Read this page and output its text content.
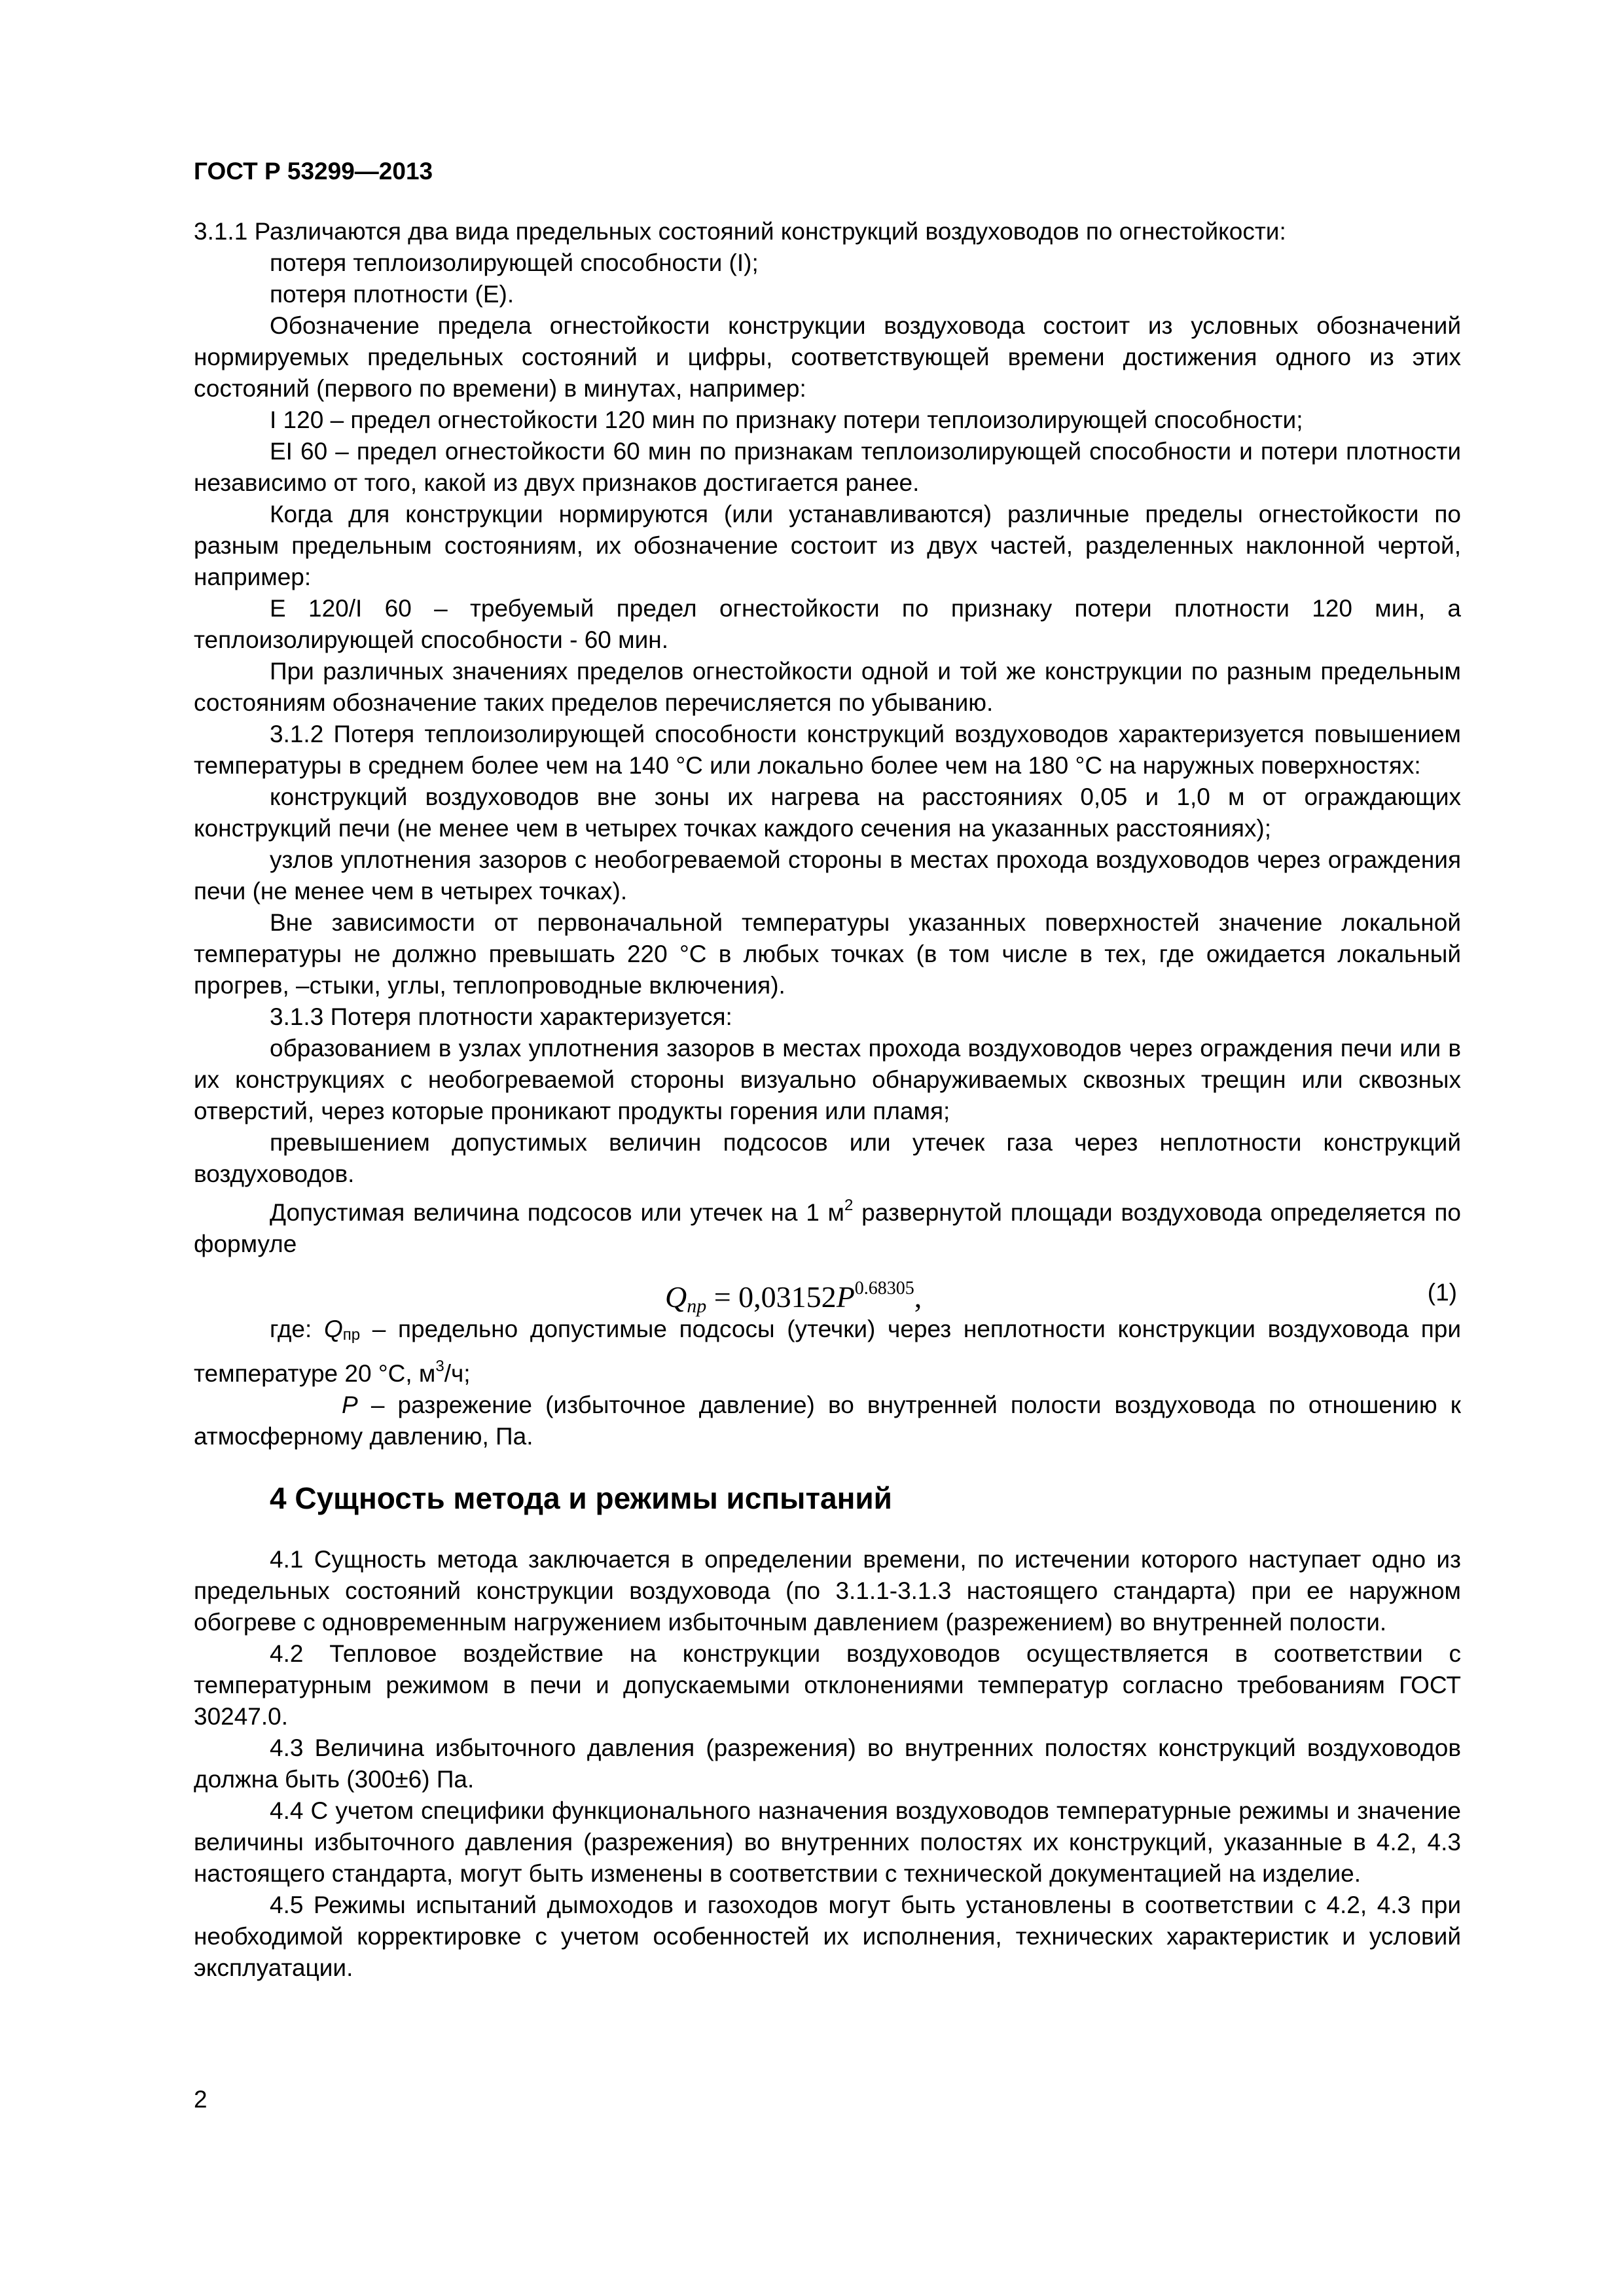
ГОСТ Р 53299—2013

3.1.1 Различаются два вида предельных состояний конструкций воздуховодов по огнестойкости:

потеря теплоизолирующей способности (I);

потеря плотности (Е).

Обозначение предела огнестойкости конструкции воздуховода состоит из условных обозначений нормируемых предельных состояний и цифры, соответствующей времени достижения одного из этих состояний (первого по времени) в минутах, например:

I 120 – предел огнестойкости 120 мин по признаку потери теплоизолирующей способности;

EI 60 – предел огнестойкости 60 мин по признакам теплоизолирующей способности и потери плотности независимо от того, какой из двух признаков достигается ранее.

Когда для конструкции нормируются (или устанавливаются) различные пределы огнестойкости по разным предельным состояниям, их обозначение состоит из двух частей, разделенных наклонной чертой, например:

Е 120/I 60 – требуемый предел огнестойкости по признаку потери плотности 120 мин, а теплоизолирующей способности - 60 мин.

При различных значениях пределов огнестойкости одной и той же конструкции по разным предельным состояниям обозначение таких пределов перечисляется по убыванию.

3.1.2 Потеря теплоизолирующей способности конструкций воздуховодов характеризуется повышением температуры в среднем более чем на 140 °С или локально более чем на 180 °С на наружных поверхностях:

конструкций воздуховодов вне зоны их нагрева на расстояниях 0,05 и 1,0 м от ограждающих конструкций печи (не менее чем в четырех точках каждого сечения на указанных расстояниях);

узлов уплотнения зазоров с необогреваемой стороны в местах прохода воздуховодов через ограждения печи (не менее чем в четырех точках).

Вне зависимости от первоначальной температуры указанных поверхностей значение локальной температуры не должно превышать 220 °С в любых точках (в том числе в тех, где ожидается локальный прогрев, –стыки, углы, теплопроводные включения).

3.1.3 Потеря плотности характеризуется:

образованием в узлах уплотнения зазоров в местах прохода воздуховодов через ограждения печи или в их конструкциях с необогреваемой стороны визуально обнаруживаемых сквозных трещин или сквозных отверстий, через которые проникают продукты горения или пламя;

превышением допустимых величин подсосов или утечек газа через неплотности конструкций воздуховодов.

Допустимая величина подсосов или утечек на 1 $м^2$ развернутой площади воздуховода определяется по формуле

$Q_{пр} = 0,03152P^{0.68305}$,	(1)

где: $Q_{пр}$ – предельно допустимые подсосы (утечки) через неплотности конструкции воздуховода при температуре 20 °С, $м^3/ч$;

P – разрежение (избыточное давление) во внутренней полости воздуховода по отношению к атмосферному давлению, Па.

4 Сущность метода и режимы испытаний

4.1 Сущность метода заключается в определении времени, по истечении которого наступает одно из предельных состояний конструкции воздуховода (по 3.1.1-3.1.3 настоящего стандарта) при ее наружном обогреве с одновременным нагружением избыточным давлением (разрежением) во внутренней полости.

4.2 Тепловое воздействие на конструкции воздуховодов осуществляется в соответствии с температурным режимом в печи и допускаемыми отклонениями температур согласно требованиям ГОСТ 30247.0.

4.3 Величина избыточного давления (разрежения) во внутренних полостях конструкций воздуховодов должна быть (300±6) Па.

4.4 С учетом специфики функционального назначения воздуховодов температурные режимы и значение величины избыточного давления (разрежения) во внутренних полостях их конструкций, указанные в 4.2, 4.3 настоящего стандарта, могут быть изменены в соответствии с технической документацией на изделие.

4.5 Режимы испытаний дымоходов и газоходов могут быть установлены в соответствии с 4.2, 4.3 при необходимой корректировке с учетом особенностей их исполнения, технических характеристик и условий эксплуатации.

2
